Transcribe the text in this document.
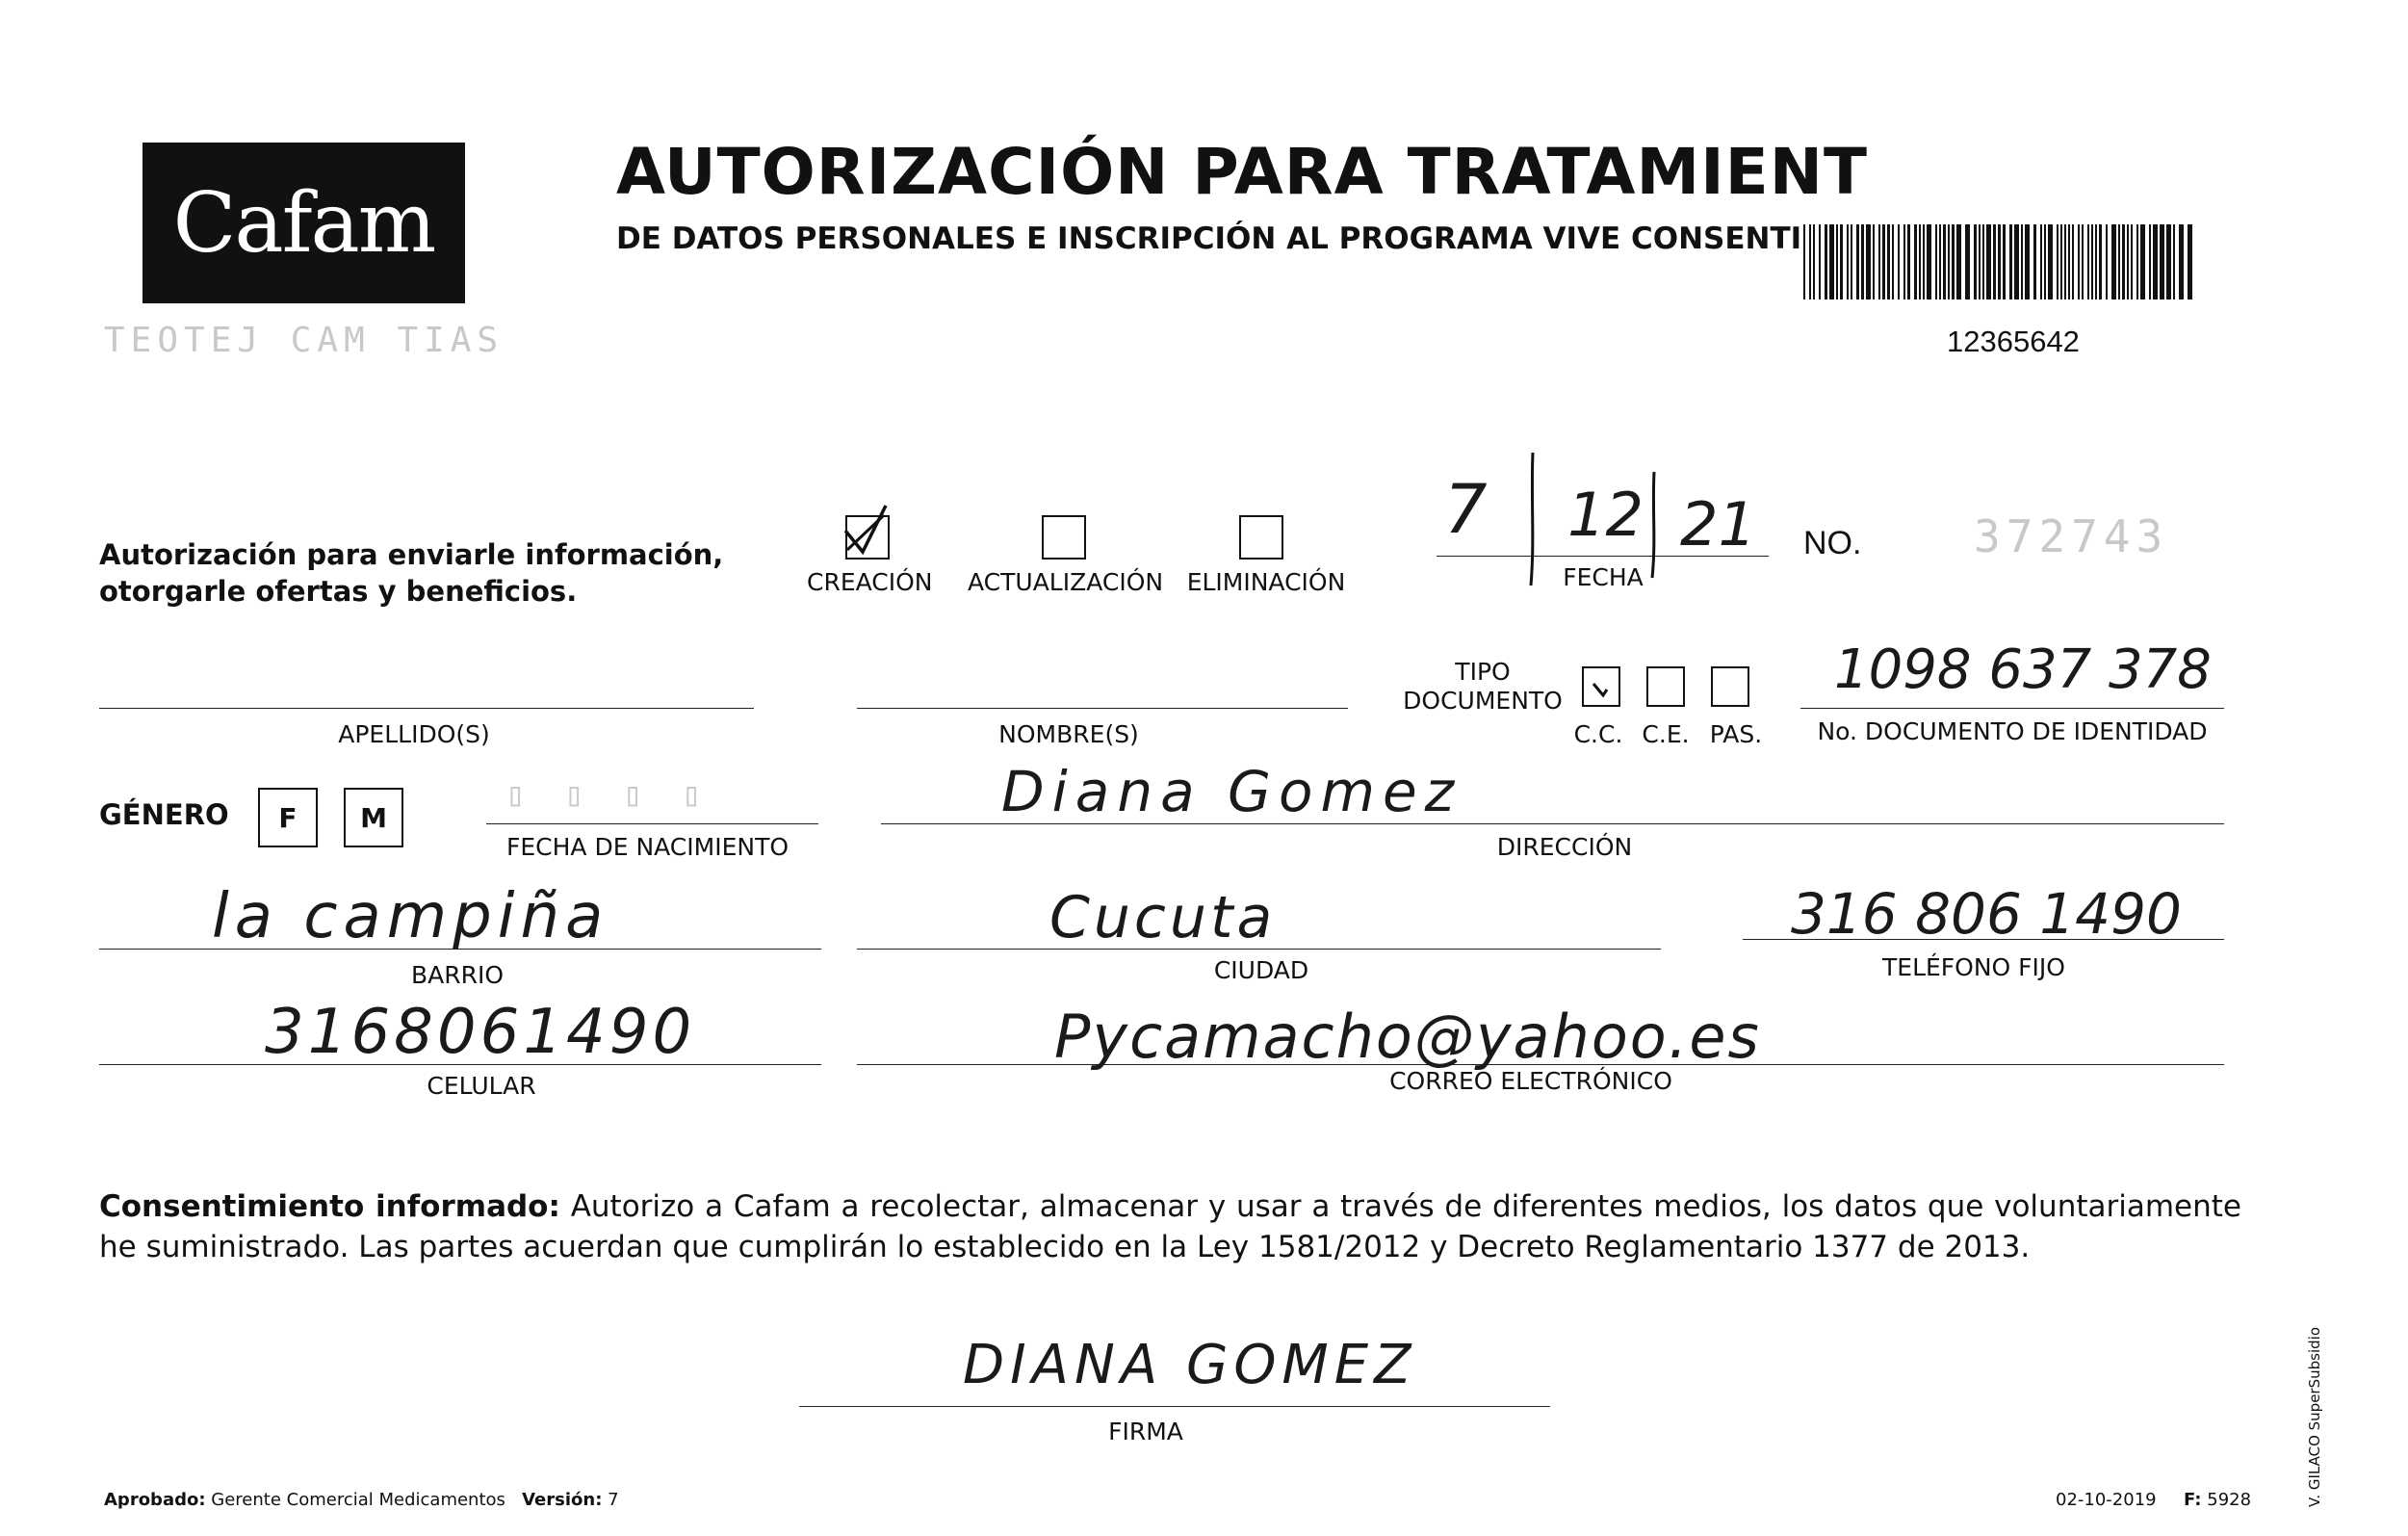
Cafam
TEOTEJ CAM TIAS
AUTORIZACIÓN PARA TRATAMIENT
DE DATOS PERSONALES E INSCRIPCIÓN AL PROGRAMA VIVE CONSENTI
12365642
Autorización para enviarle información,
otorgarle ofertas y beneficios.	CREACIÓN ACTUALIZACIÓN ELIMINACIÓN
7 12 21
FECHA
NO.	372743
APELLIDO(S)	NOMBRE(S)
TIPO
DOCUMENTO
C.C. C.E. PAS.
1098 637 378
No. DOCUMENTO DE IDENTIDAD
GÉNERO	F	M
▯ ▯ ▯ ▯
FECHA DE NACIMIENTO
Diana Gomez
DIRECCIÓN
la campiña
BARRIO
Cucuta
CIUDAD
316 806 1490
TELÉFONO FIJO
3168061490
CELULAR
Pycamacho@yahoo.es
CORREO ELECTRÓNICO
Consentimiento informado: Autorizo a Cafam a recolectar, almacenar y usar a través de diferentes medios, los datos que voluntariamente he suministrado. Las partes acuerdan que cumplirán lo establecido en la Ley 1581/2012 y Decreto Reglamentario 1377 de 2013.
DIANA GOMEZ
FIRMA
Aprobado: Gerente Comercial Medicamentos Versión: 7	02-10-2019 F: 5928	V. GILACO SuperSubsidio
